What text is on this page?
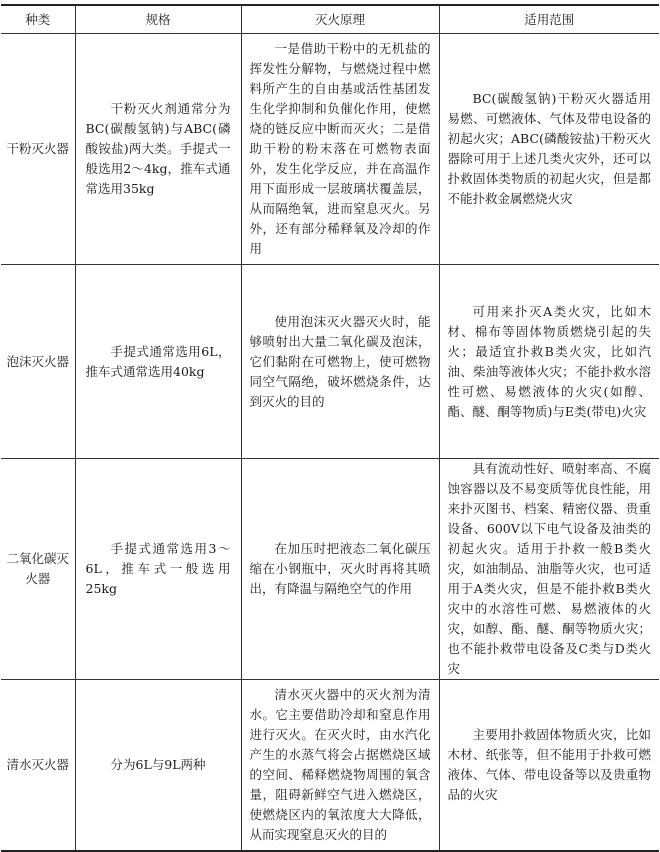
种类	规格	灭火原理	适用范围
干粉灭火器	干粉灭火剂通常分为BC(碳酸氢钠)与ABC(磷酸铵盐)两大类。手提式一般选用2～4kg，推车式通常选用35kg	一是借助干粉中的无机盐的挥发性分解物，与燃烧过程中燃料所产生的自由基或活性基团发生化学抑制和负催化作用，使燃烧的链反应中断而灭火；二是借助干粉的粉末落在可燃物表面外，发生化学反应，并在高温作用下面形成一层玻璃状覆盖层，从而隔绝氧，进而窒息灭火。另外，还有部分稀释氧及冷却的作用	BC(碳酸氢钠)干粉灭火器适用易燃、可燃液体、气体及带电设备的初起火灾；ABC(磷酸铵盐)干粉灭火器除可用于上述几类火灾外，还可以扑救固体类物质的初起火灾，但是都不能扑救金属燃烧火灾

泡沫灭火器	手提式通常选用6L，推车式通常选用40kg	使用泡沫灭火器灭火时，能够喷射出大量二氧化碳及泡沫，它们黏附在可燃物上，使可燃物同空气隔绝，破坏燃烧条件，达到灭火的目的	可用来扑灭A类火灾，比如木材、棉布等固体物质燃烧引起的失火；最适宜扑救B类火灾，比如汽油、柴油等液体火灾；不能扑救水溶性可燃、易燃液体的火灾(如醇、酯、醚、酮等物质)与E类(带电)火灾

二氧化碳灭火器	手提式通常选用3～6L，推车式一般选用25kg	在加压时把液态二氧化碳压缩在小钢瓶中，灭火时再将其喷出，有降温与隔绝空气的作用	具有流动性好、喷射率高、不腐蚀容器以及不易变质等优良性能，用来扑灭图书、档案、精密仪器、贵重设备、600V以下电气设备及油类的初起火灾。适用于扑救一般B类火灾，如油制品、油脂等火灾，也可适用于A类火灾，但是不能扑救B类火灾中的水溶性可燃、易燃液体的火灾，如醇、酯、醚、酮等物质火灾；也不能扑救带电设备及C类与D类火灾

清水灭火器	分为6L与9L两种	清水灭火器中的灭火剂为清水。它主要借助冷却和窒息作用进行灭火。在灭火时，由水汽化产生的水蒸气将会占据燃烧区域的空间、稀释燃烧物周围的氧含量，阻碍新鲜空气进入燃烧区，使燃烧区内的氧浓度大大降低，从而实现窒息灭火的目的	主要用扑救固体物质火灾，比如木材、纸张等，但不能用于扑救可燃液体、气体、带电设备等以及贵重物品的火灾
